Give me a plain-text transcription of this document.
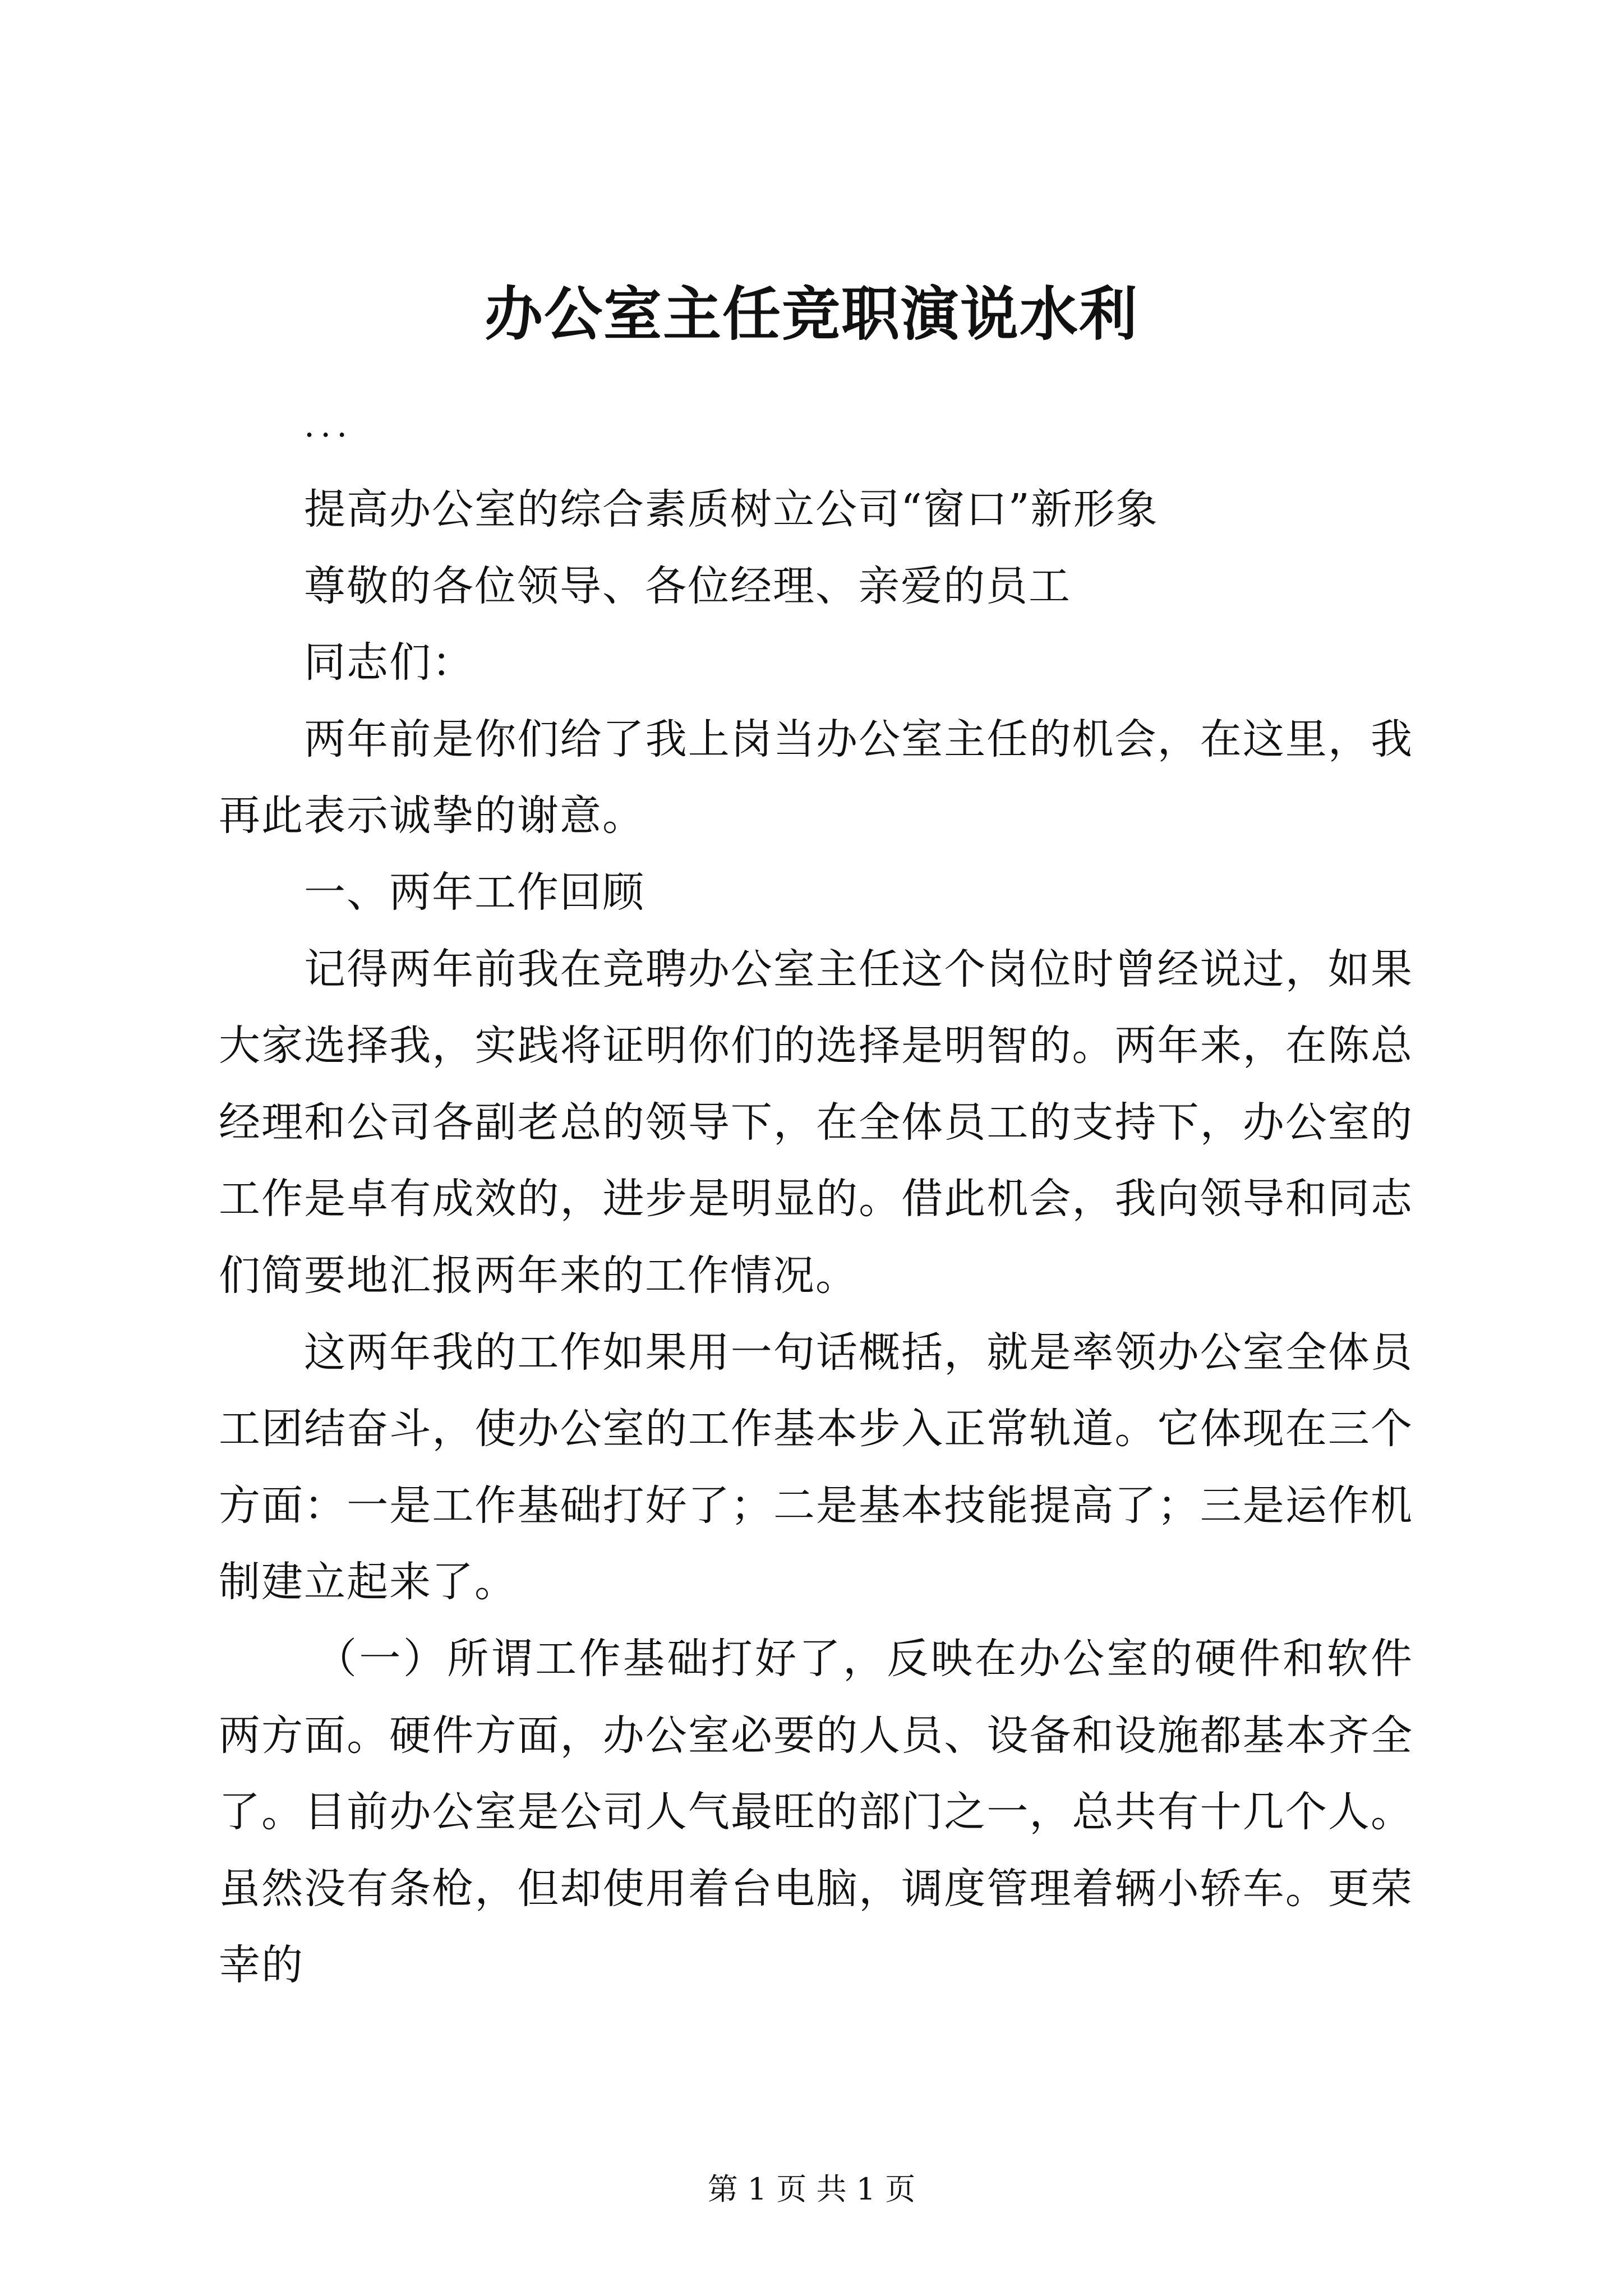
办公室主任竞职演说水利
...

提高办公室的综合素质树立公司“窗口”新形象

尊敬的各位领导、各位经理、亲爱的员工

同志们：

两年前是你们给了我上岗当办公室主任的机会，在这里，我再此表示诚挚的谢意。

一、两年工作回顾

记得两年前我在竞聘办公室主任这个岗位时曾经说过，如果大家选择我，实践将证明你们的选择是明智的。两年来，在陈总经理和公司各副老总的领导下，在全体员工的支持下，办公室的工作是卓有成效的，进步是明显的。借此机会，我向领导和同志们简要地汇报两年来的工作情况。

这两年我的工作如果用一句话概括，就是率领办公室全体员工团结奋斗，使办公室的工作基本步入正常轨道。它体现在三个方面：一是工作基础打好了；二是基本技能提高了；三是运作机制建立起来了。

（一）所谓工作基础打好了，反映在办公室的硬件和软件两方面。硬件方面，办公室必要的人员、设备和设施都基本齐全了。目前办公室是公司人气最旺的部门之一，总共有十几个人。虽然没有条枪，但却使用着台电脑，调度管理着辆小轿车。更荣幸的

第 1 页 共 1 页
